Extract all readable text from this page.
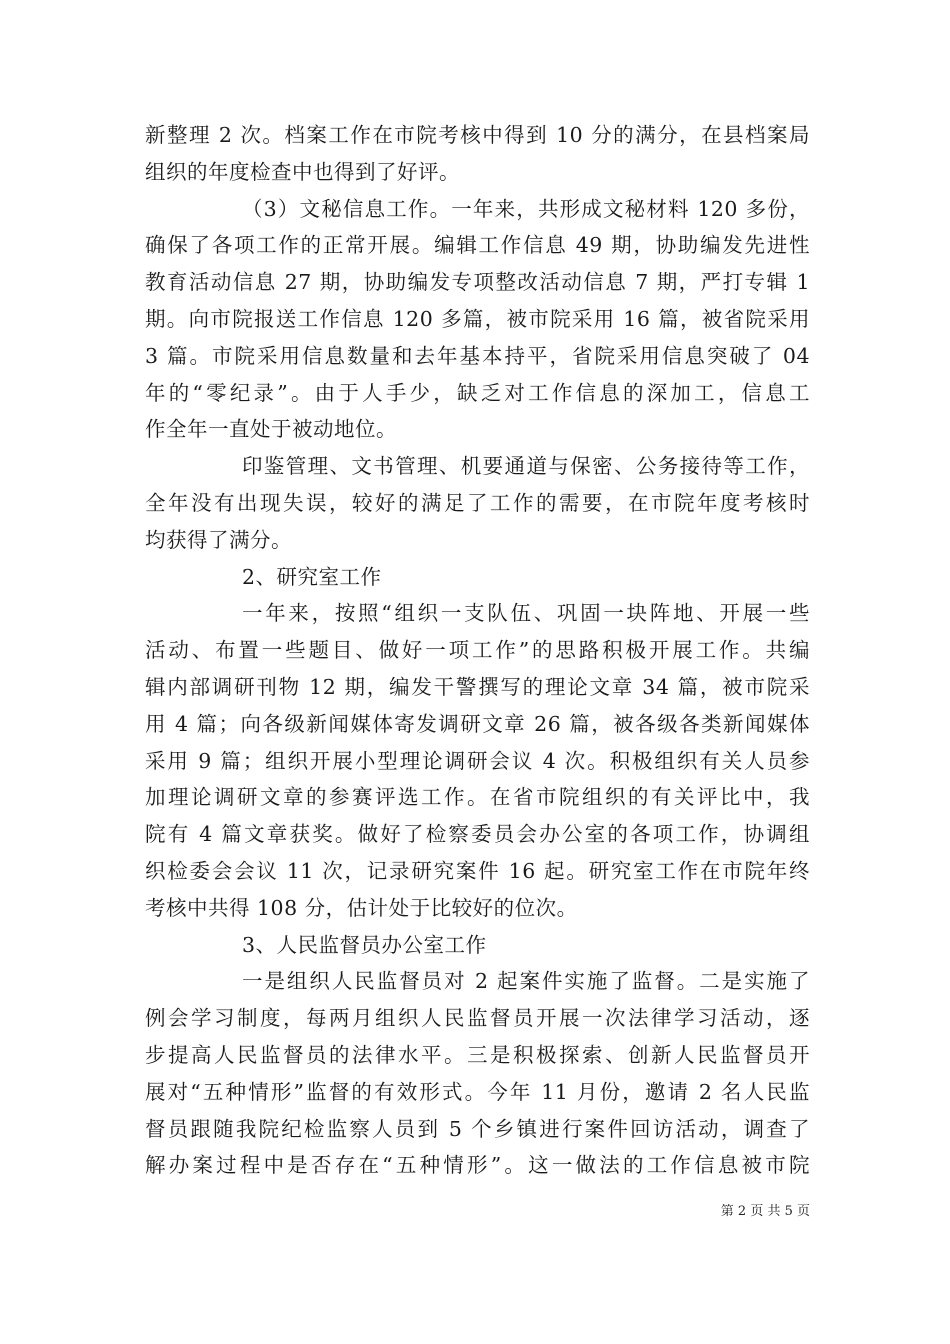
新整理 2 次。档案工作在市院考核中得到 10 分的满分，在县档案局
组织的年度检查中也得到了好评。
（3）文秘信息工作。一年来，共形成文秘材料 120 多份，
确保了各项工作的正常开展。编辑工作信息 49 期，协助编发先进性
教育活动信息 27 期，协助编发专项整改活动信息 7 期，严打专辑 1
期。向市院报送工作信息 120 多篇，被市院采用 16 篇，被省院采用
3 篇。市院采用信息数量和去年基本持平，省院采用信息突破了 04
年的“零纪录”。由于人手少，缺乏对工作信息的深加工，信息工
作全年一直处于被动地位。
印鉴管理、文书管理、机要通道与保密、公务接待等工作，
全年没有出现失误，较好的满足了工作的需要，在市院年度考核时
均获得了满分。
2、研究室工作
一年来，按照“组织一支队伍、巩固一块阵地、开展一些
活动、布置一些题目、做好一项工作”的思路积极开展工作。共编
辑内部调研刊物 12 期，编发干警撰写的理论文章 34 篇，被市院采
用 4 篇；向各级新闻媒体寄发调研文章 26 篇，被各级各类新闻媒体
采用 9 篇；组织开展小型理论调研会议 4 次。积极组织有关人员参
加理论调研文章的参赛评选工作。在省市院组织的有关评比中，我
院有 4 篇文章获奖。做好了检察委员会办公室的各项工作，协调组
织检委会会议 11 次，记录研究案件 16 起。研究室工作在市院年终
考核中共得 108 分，估计处于比较好的位次。
3、人民监督员办公室工作
一是组织人民监督员对 2 起案件实施了监督。二是实施了
例会学习制度，每两月组织人民监督员开展一次法律学习活动，逐
步提高人民监督员的法律水平。三是积极探索、创新人民监督员开
展对“五种情形”监督的有效形式。今年 11 月份，邀请 2 名人民监
督员跟随我院纪检监察人员到 5 个乡镇进行案件回访活动，调查了
解办案过程中是否存在“五种情形”。这一做法的工作信息被市院
第 2 页 共 5 页
